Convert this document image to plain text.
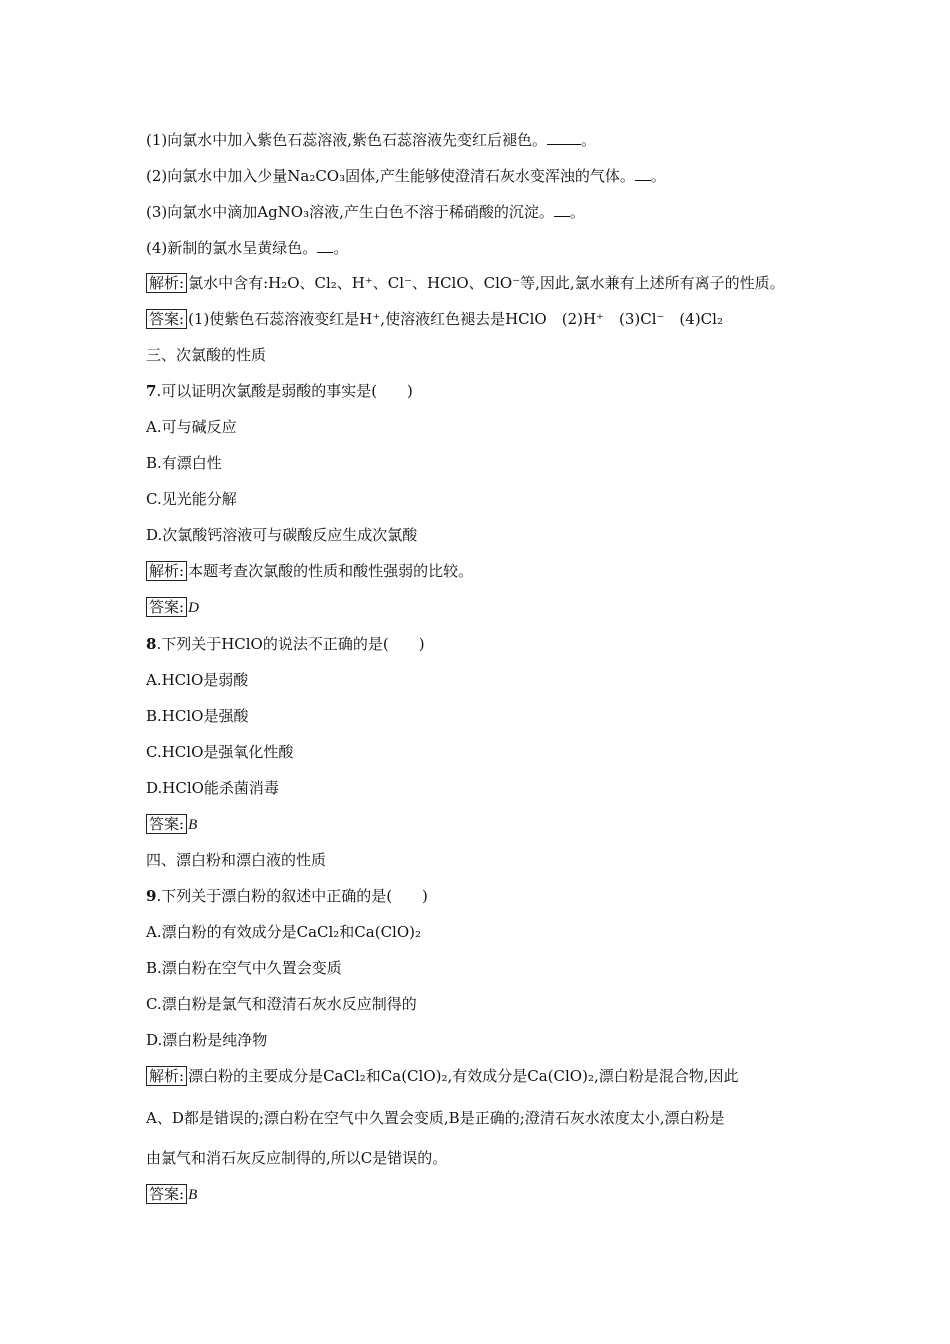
(1)向氯水中加入紫色石蕊溶液,紫色石蕊溶液先变红后褪色。 。
(2)向氯水中加入少量Na₂CO₃固体,产生能够使澄清石灰水变浑浊的气体。 。
(3)向氯水中滴加AgNO₃溶液,产生白色不溶于稀硝酸的沉淀。 。
(4)新制的氯水呈黄绿色。 。
解析: 氯水中含有:H₂O、Cl₂、H⁺、Cl⁻、HClO、ClO⁻等,因此,氯水兼有上述所有离子的性质。
答案: (1)使紫色石蕊溶液变红是H⁺,使溶液红色褪去是HClO　(2)H⁺　(3)Cl⁻　(4)Cl₂
三、次氯酸的性质
7.可以证明次氯酸是弱酸的事实是(　　)
A.可与碱反应
B.有漂白性
C.见光能分解
D.次氯酸钙溶液可与碳酸反应生成次氯酸
解析: 本题考查次氯酸的性质和酸性强弱的比较。
答案: D
8.下列关于HClO的说法不正确的是(　　)
A.HClO是弱酸
B.HClO是强酸
C.HClO是强氧化性酸
D.HClO能杀菌消毒
答案: B
四、漂白粉和漂白液的性质
9.下列关于漂白粉的叙述中正确的是(　　)
A.漂白粉的有效成分是CaCl₂和Ca(ClO)₂
B.漂白粉在空气中久置会变质
C.漂白粉是氯气和澄清石灰水反应制得的
D.漂白粉是纯净物
解析: 漂白粉的主要成分是CaCl₂和Ca(ClO)₂,有效成分是Ca(ClO)₂,漂白粉是混合物,因此
A、D都是错误的;漂白粉在空气中久置会变质,B是正确的;澄清石灰水浓度太小,漂白粉是
由氯气和消石灰反应制得的,所以C是错误的。
答案: B
